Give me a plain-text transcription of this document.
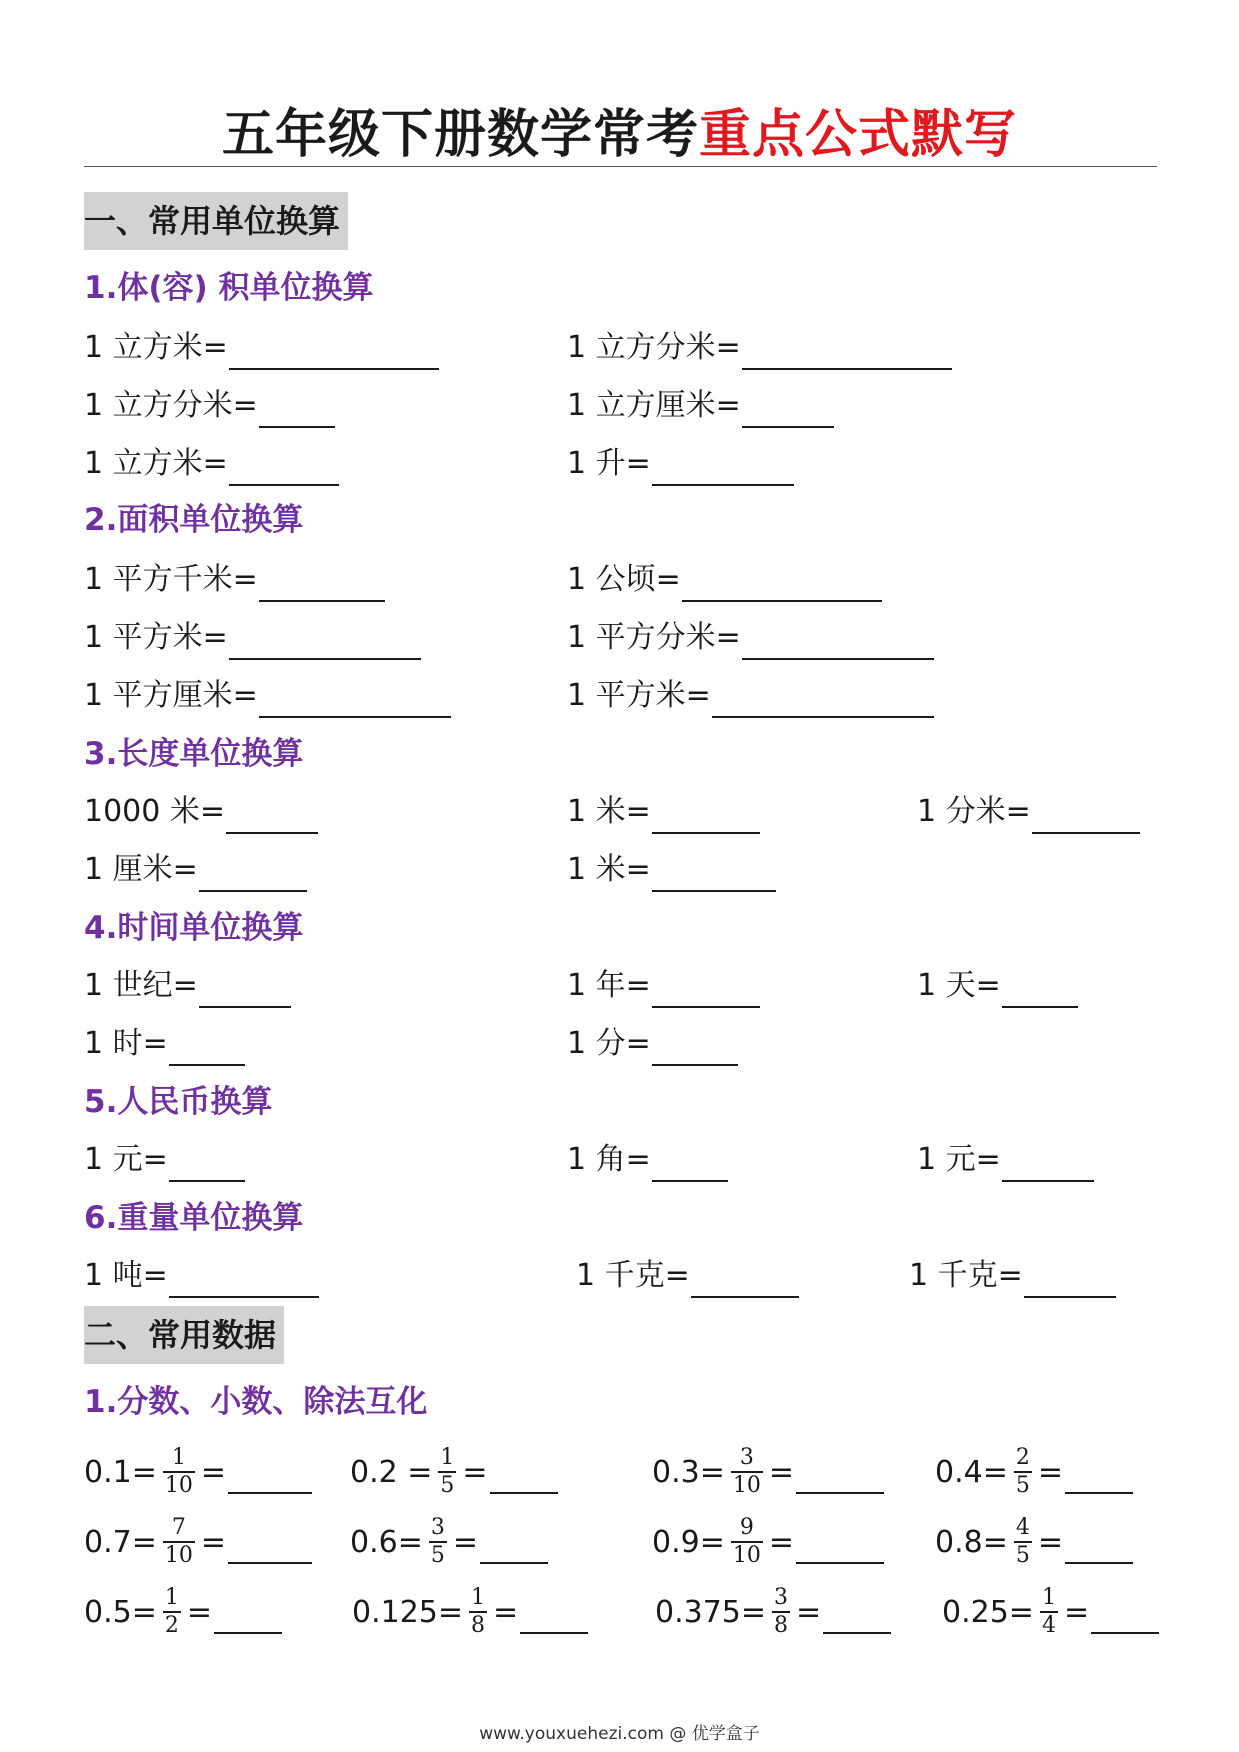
五年级下册数学常考重点公式默写
一、常用单位换算
1.体(容) 积单位换算
1 立方米=	1 立方分米=
1 立方分米=	1 立方厘米=
1 立方米=	1 升=
2.面积单位换算
1 平方千米=	1 公顷=
1 平方米=	1 平方分米=
1 平方厘米=	1 平方米=
3.长度单位换算
1000 米=	1 米=	1 分米=
1 厘米=	1 米=
4.时间单位换算
1 世纪=	1 年=	1 天=
1 时=	1 分=
5.人民币换算
1 元=	1 角=	1 元=
6.重量单位换算
1 吨=	1 千克=	1 千克=
二、常用数据
1.分数、小数、除法互化
$0.1= \frac{1}{10}$ =	$0.2 = \frac{1}{5}$ =	$0.3= \frac{3}{10}$ =	$0.4= \frac{2}{5}$ =
$0.7= \frac{7}{10}$ =	$0.6= \frac{3}{5}$ =	$0.9= \frac{9}{10}$ =	$0.8= \frac{4}{5}$ =
$0.5= \frac{1}{2}$ =	$0.125= \frac{1}{8}$ =	$0.375= \frac{3}{8}$ =	$0.25= \frac{1}{4}$ =
www.youxuehezi.com @ 优学盒子
